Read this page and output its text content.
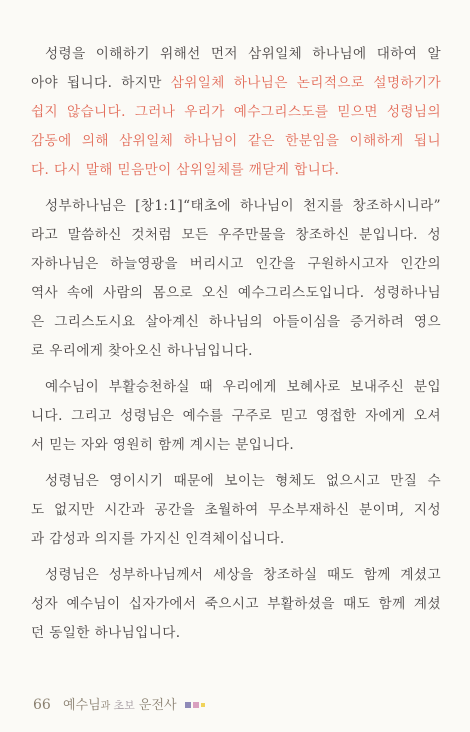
성령을 이해하기 위해선 먼저 삼위일체 하나님에 대하여 알
아야 됩니다. 하지만 삼위일체 하나님은 논리적으로 설명하기가
쉽지 않습니다. 그러나 우리가 예수그리스도를 믿으면 성령님의
감동에 의해 삼위일체 하나님이 같은 한분임을 이해하게 됩니
다. 다시 말해 믿음만이 삼위일체를 깨닫게 합니다.
성부하나님은 [창1:1]“태초에 하나님이 천지를 창조하시니라”
라고 말씀하신 것처럼 모든 우주만물을 창조하신 분입니다. 성
자하나님은 하늘영광을 버리시고 인간을 구원하시고자 인간의
역사 속에 사람의 몸으로 오신 예수그리스도입니다. 성령하나님
은 그리스도시요 살아계신 하나님의 아들이심을 증거하려 영으
로 우리에게 찾아오신 하나님입니다.
예수님이 부활승천하실 때 우리에게 보혜사로 보내주신 분입
니다. 그리고 성령님은 예수를 구주로 믿고 영접한 자에게 오셔
서 믿는 자와 영원히 함께 계시는 분입니다.
성령님은 영이시기 때문에 보이는 형체도 없으시고 만질 수
도 없지만 시간과 공간을 초월하여 무소부재하신 분이며, 지성
과 감성과 의지를 가지신 인격체이십니다.
성령님은 성부하나님께서 세상을 창조하실 때도 함께 계셨고
성자 예수님이 십자가에서 죽으시고 부활하셨을 때도 함께 계셨
던 동일한 하나님입니다.
66 예수님과 초보 운전사
